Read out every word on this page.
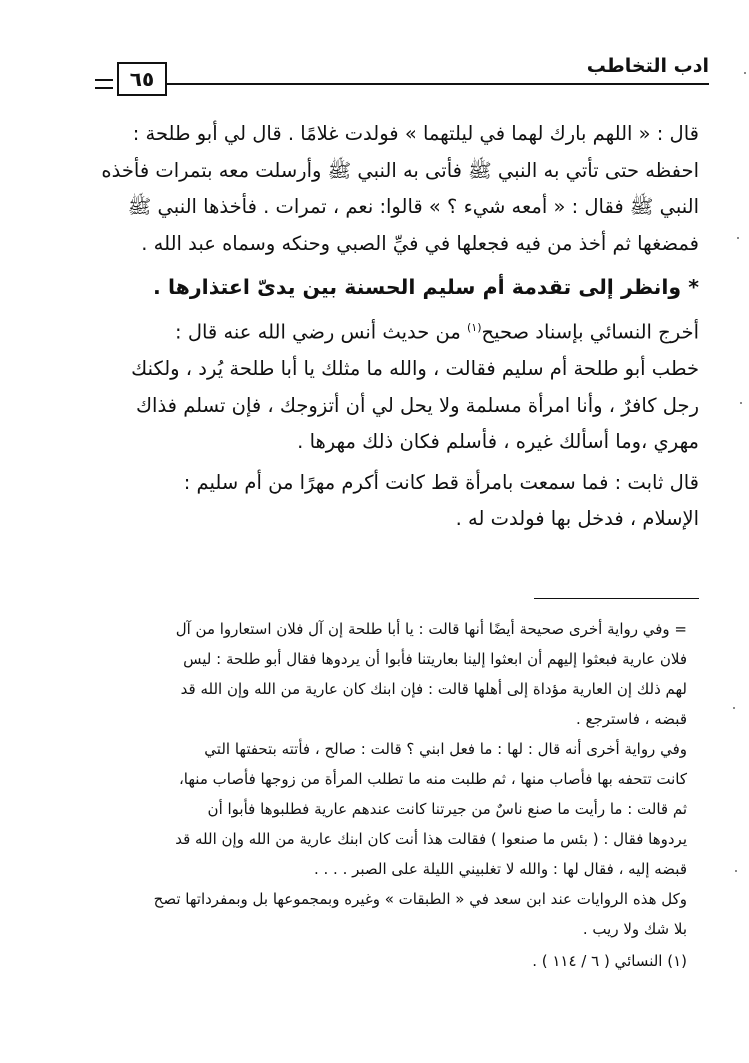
ادب التخاطب
٦٥

قال : « اللهم بارك لهما في ليلتهما » فولدت غلامًا . قال لي أبو طلحة :

احفظه حتى تأتي به النبي ﷺ فأتى به النبي ﷺ وأرسلت معه بتمرات فأخذه

النبي ﷺ فقال : « أمعه شيء ؟ » قالوا: نعم ، تمرات . فأخذها النبي ﷺ

فمضغها ثم أخذ من فيه فجعلها في فيِّ الصبي وحنكه وسماه عبد الله .

* وانظر إلى تقدمة أم سليم الحسنة بين يدىّ اعتذارها .

أخرج النسائي بإسناد صحيح$^{(١)}$ من حديث أنس رضي الله عنه قال :

خطب أبو طلحة أم سليم فقالت ، والله ما مثلك يا أبا طلحة يُرد ، ولكنك

رجل كافرٌ ، وأنا امرأة مسلمة ولا يحل لي أن أتزوجك ، فإن تسلم فذاك

مهري ،وما أسألك غيره ، فأسلم فكان ذلك مهرها .

قال ثابت : فما سمعت بامرأة قط كانت أكرم مهرًا من أم سليم :

الإسلام ، فدخل بها فولدت له .

= وفي رواية أخرى صحيحة أيضًا أنها قالت : يا أبا طلحة إن آل فلان استعاروا من آل

فلان عارية فبعثوا إليهم أن ابعثوا إلينا بعاريتنا فأبوا أن يردوها فقال أبو طلحة : ليس

لهم ذلك إن العارية مؤداة إلى أهلها قالت : فإن ابنك كان عارية من الله وإن الله قد

قبضه ، فاسترجع .

وفي رواية أخرى أنه قال : لها : ما فعل ابني ؟ قالت : صالح ، فأتته بتحفتها التي

كانت تتحفه بها فأصاب منها ، ثم طلبت منه ما تطلب المرأة من زوجها فأصاب منها،

ثم قالت : ما رأيت ما صنع ناسٌ من جيرتنا كانت عندهم عارية فطلبوها فأبوا أن

يردوها فقال : ( بئس ما صنعوا ) فقالت هذا أنت كان ابنك عارية من الله وإن الله قد

قبضه إليه ، فقال لها : والله لا تغلبيني الليلة على الصبر . . . .

وكل هذه الروايات عند ابن سعد في « الطبقات » وغيره وبمجموعها بل وبمفرداتها تصح

بلا شك ولا ريب .

(١) النسائي ( ٦ / ١١٤ ) .
